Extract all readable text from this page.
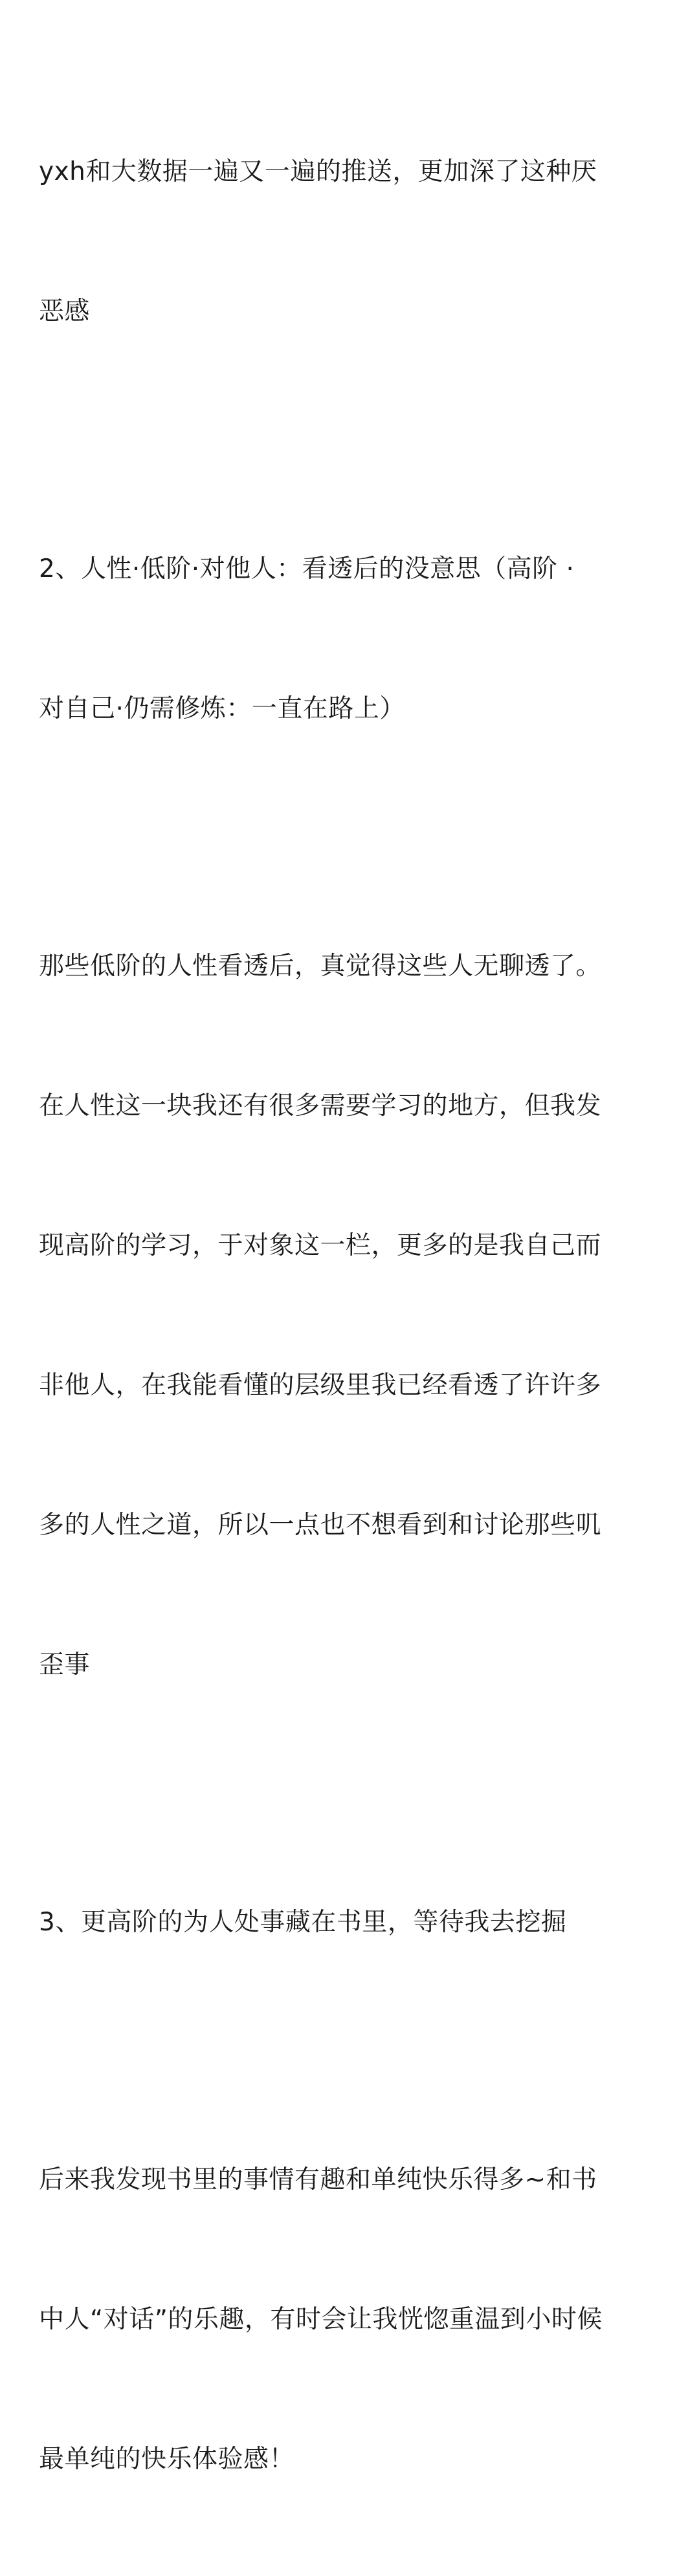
yxh和大数据一遍又一遍的推送，更加深了这种厌

恶感

2、人性·低阶·对他人：看透后的没意思（高阶 ·

对自己·仍需修炼：一直在路上）

那些低阶的人性看透后，真觉得这些人无聊透了。

在人性这一块我还有很多需要学习的地方，但我发

现高阶的学习，于对象这一栏，更多的是我自己而

非他人，在我能看懂的层级里我已经看透了许许多

多的人性之道，所以一点也不想看到和讨论那些叽

歪事

3、更高阶的为人处事藏在书里，等待我去挖掘

后来我发现书里的事情有趣和单纯快乐得多~和书

中人“对话”的乐趣，有时会让我恍惚重温到小时候

最单纯的快乐体验感！
